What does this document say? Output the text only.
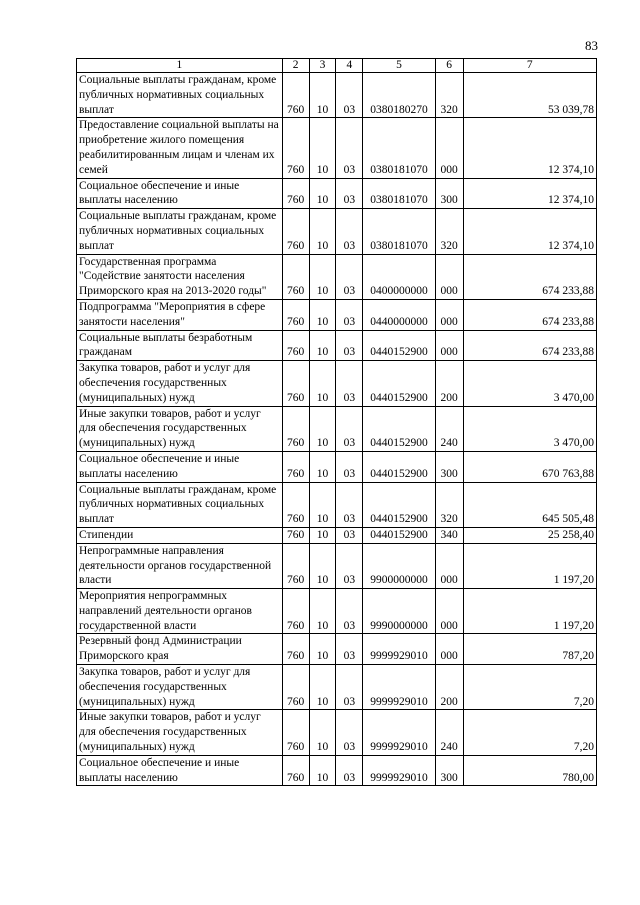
83
1	2	3	4	5	6	7
Социальные выплаты гражданам, кроме публичных нормативных социальных выплат	760	10	03	0380180270	320	53 039,78
Предоставление социальной выплаты на приобретение жилого помещения реабилитированным лицам и членам их семей	760	10	03	0380181070	000	12 374,10
Социальное обеспечение и иные выплаты населению	760	10	03	0380181070	300	12 374,10
Социальные выплаты гражданам, кроме публичных нормативных социальных выплат	760	10	03	0380181070	320	12 374,10
Государственная программа "Содействие занятости населения Приморского края на 2013-2020 годы"	760	10	03	0400000000	000	674 233,88
Подпрограмма "Мероприятия в сфере занятости населения"	760	10	03	0440000000	000	674 233,88
Социальные выплаты безработным гражданам	760	10	03	0440152900	000	674 233,88
Закупка товаров, работ и услуг для обеспечения государственных (муниципальных) нужд	760	10	03	0440152900	200	3 470,00
Иные закупки товаров, работ и услуг для обеспечения государственных (муниципальных) нужд	760	10	03	0440152900	240	3 470,00
Социальное обеспечение и иные выплаты населению	760	10	03	0440152900	300	670 763,88
Социальные выплаты гражданам, кроме публичных нормативных социальных выплат	760	10	03	0440152900	320	645 505,48
Стипендии	760	10	03	0440152900	340	25 258,40
Непрограммные направления деятельности органов государственной власти	760	10	03	9900000000	000	1 197,20
Мероприятия непрограммных направлений деятельности органов государственной власти	760	10	03	9990000000	000	1 197,20
Резервный фонд Администрации Приморского края	760	10	03	9999929010	000	787,20
Закупка товаров, работ и услуг для обеспечения государственных (муниципальных) нужд	760	10	03	9999929010	200	7,20
Иные закупки товаров, работ и услуг для обеспечения государственных (муниципальных) нужд	760	10	03	9999929010	240	7,20
Социальное обеспечение и иные выплаты населению	760	10	03	9999929010	300	780,00
